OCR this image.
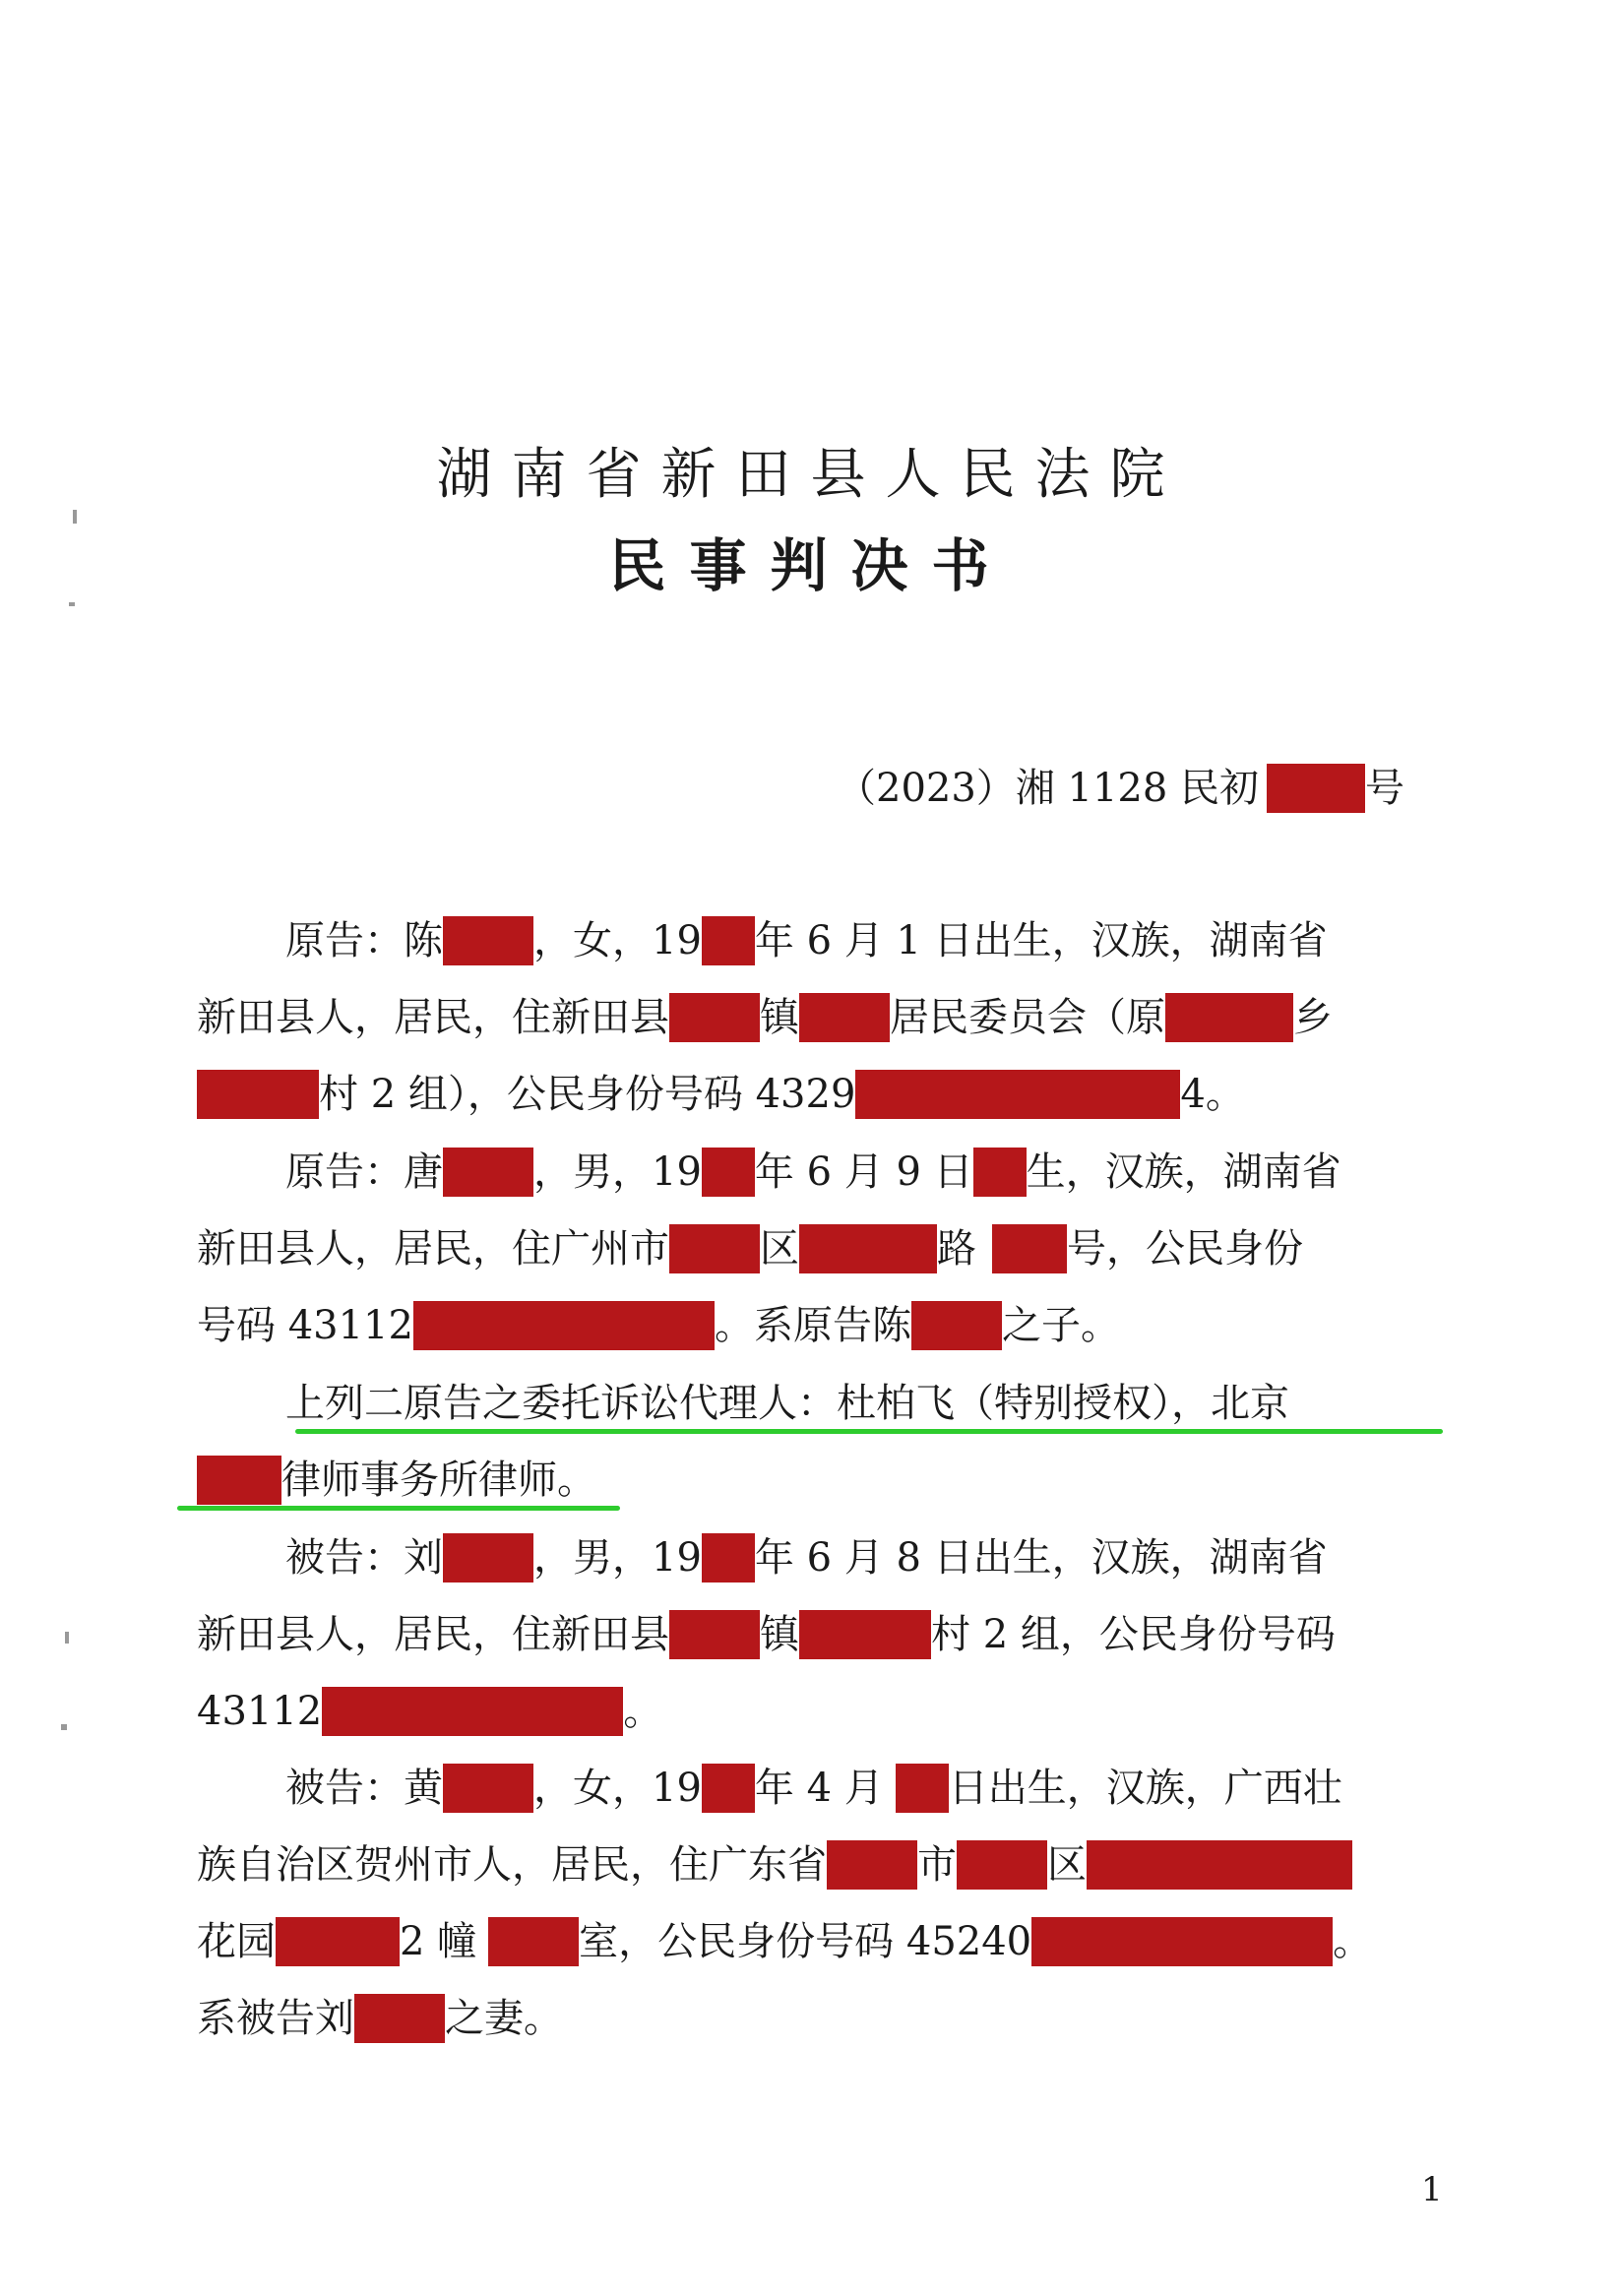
湖南省新田县人民法院
民事判决书
（2023）湘 1128 民初	号
原告：陈 ，女，19 年 6 月 1 日出生，汉族，湖南省
新田县人，居民，住新田县 镇 居民委员会（原	乡
村 2 组），公民身份号码 4329	4。
原告：唐 ，男，19 年 6 月 9 日 生，汉族，湖南省
新田县人，居民，住广州市 区	路 号，公民身份
号码 43112	。系原告陈 之子。
上列二原告之委托诉讼代理人：杜柏飞（特别授权），北京
律师事务所律师。
被告：刘 ，男，19 年 6 月 8 日出生，汉族，湖南省
新田县人，居民，住新田县 镇	村 2 组，公民身份号码
43112	。
被告：黄 ，女，19 年 4 月 日出生，汉族，广西壮
族自治区贺州市人，居民，住广东省 市 区
花园	2 幢	室，公民身份号码 45240	。
系被告刘 之妻。
1
